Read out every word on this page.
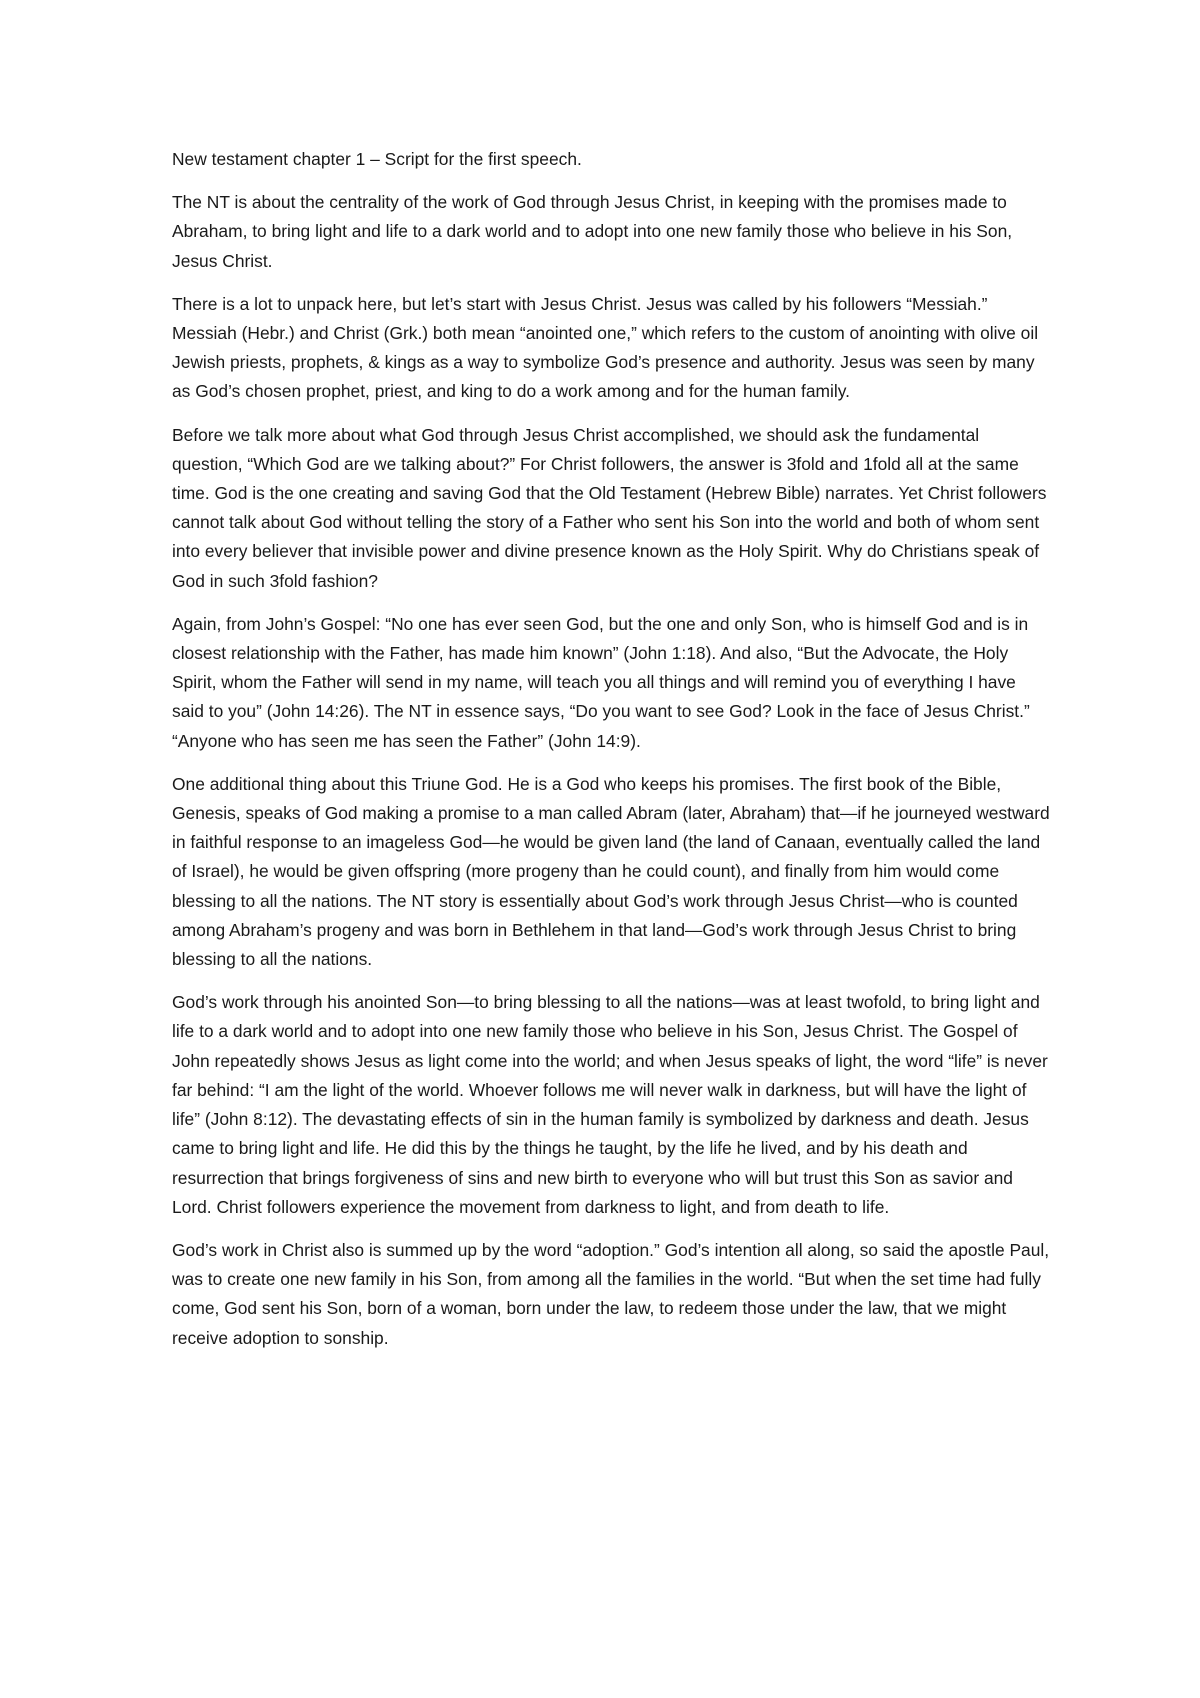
New testament chapter 1 – Script for the first speech.

The NT is about the centrality of the work of God through Jesus Christ, in keeping with the promises made to Abraham, to bring light and life to a dark world and to adopt into one new family those who believe in his Son, Jesus Christ.

There is a lot to unpack here, but let’s start with Jesus Christ. Jesus was called by his followers “Messiah.” Messiah (Hebr.) and Christ (Grk.) both mean “anointed one,” which refers to the custom of anointing with olive oil Jewish priests, prophets, & kings as a way to symbolize God’s presence and authority. Jesus was seen by many as God’s chosen prophet, priest, and king to do a work among and for the human family.

Before we talk more about what God through Jesus Christ accomplished, we should ask the fundamental question, “Which God are we talking about?” For Christ followers, the answer is 3fold and 1fold all at the same time. God is the one creating and saving God that the Old Testament (Hebrew Bible) narrates. Yet Christ followers cannot talk about God without telling the story of a Father who sent his Son into the world and both of whom sent into every believer that invisible power and divine presence known as the Holy Spirit. Why do Christians speak of God in such 3fold fashion?

Again, from John’s Gospel: “No one has ever seen God, but the one and only Son, who is himself God and is in closest relationship with the Father, has made him known” (John 1:18). And also, “But the Advocate, the Holy Spirit, whom the Father will send in my name, will teach you all things and will remind you of everything I have said to you” (John 14:26). The NT in essence says, “Do you want to see God? Look in the face of Jesus Christ.” “Anyone who has seen me has seen the Father” (John 14:9).

One additional thing about this Triune God. He is a God who keeps his promises. The first book of the Bible, Genesis, speaks of God making a promise to a man called Abram (later, Abraham) that—if he journeyed westward in faithful response to an imageless God—he would be given land (the land of Canaan, eventually called the land of Israel), he would be given offspring (more progeny than he could count), and finally from him would come blessing to all the nations. The NT story is essentially about God’s work through Jesus Christ—who is counted among Abraham’s progeny and was born in Bethlehem in that land—God’s work through Jesus Christ to bring blessing to all the nations.

God’s work through his anointed Son—to bring blessing to all the nations—was at least twofold, to bring light and life to a dark world and to adopt into one new family those who believe in his Son, Jesus Christ. The Gospel of John repeatedly shows Jesus as light come into the world; and when Jesus speaks of light, the word “life” is never far behind: “I am the light of the world. Whoever follows me will never walk in darkness, but will have the light of life” (John 8:12). The devastating effects of sin in the human family is symbolized by darkness and death. Jesus came to bring light and life. He did this by the things he taught, by the life he lived, and by his death and resurrection that brings forgiveness of sins and new birth to everyone who will but trust this Son as savior and Lord. Christ followers experience the movement from darkness to light, and from death to life.

God’s work in Christ also is summed up by the word “adoption.” God’s intention all along, so said the apostle Paul, was to create one new family in his Son, from among all the families in the world. “But when the set time had fully come, God sent his Son, born of a woman, born under the law, to redeem those under the law, that we might receive adoption to sonship.
